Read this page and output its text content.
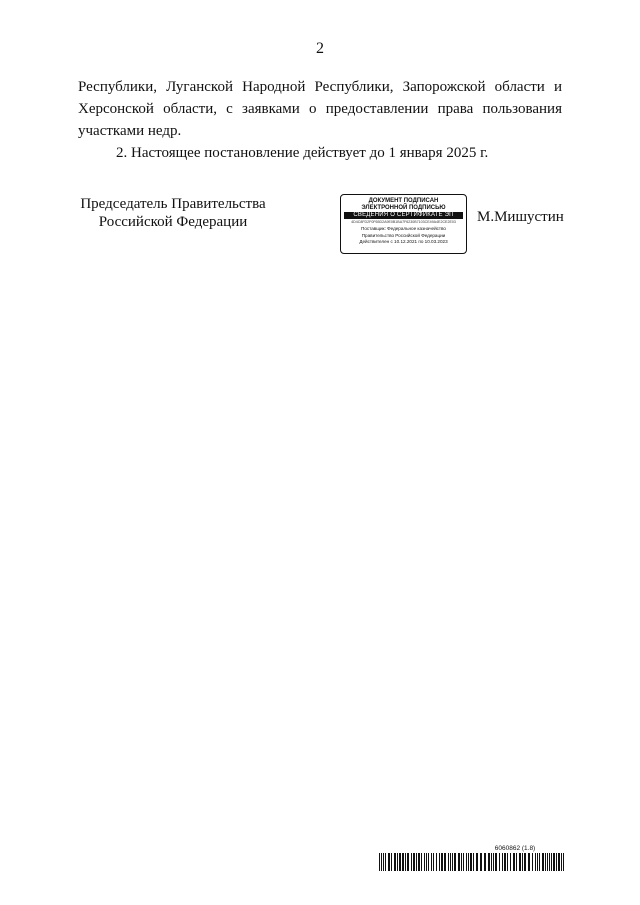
2

Республики, Луганской Народной Республики, Запорожской области и Херсонской области, с заявками о предоставлении права пользования участками недр.

2. Настоящее постановление действует до 1 января 2025 г.

Председатель Правительства
Российской Федерации
ДОКУМЕНТ ПОДПИСАН
ЭЛЕКТРОННОЙ ПОДПИСЬЮ
СВЕДЕНИЯ О СЕРТИФИКАТЕ ЭП
4D4C8FD2F0F65D2A9E0B1BA7F6230B7103CE49A4E2CE2E03
Поставщик: Федеральное казначейство
Правительство Российской Федерации
Действителен с 10.12.2021 по 10.03.2023
М.Мишустин
6060862 (1.8)
